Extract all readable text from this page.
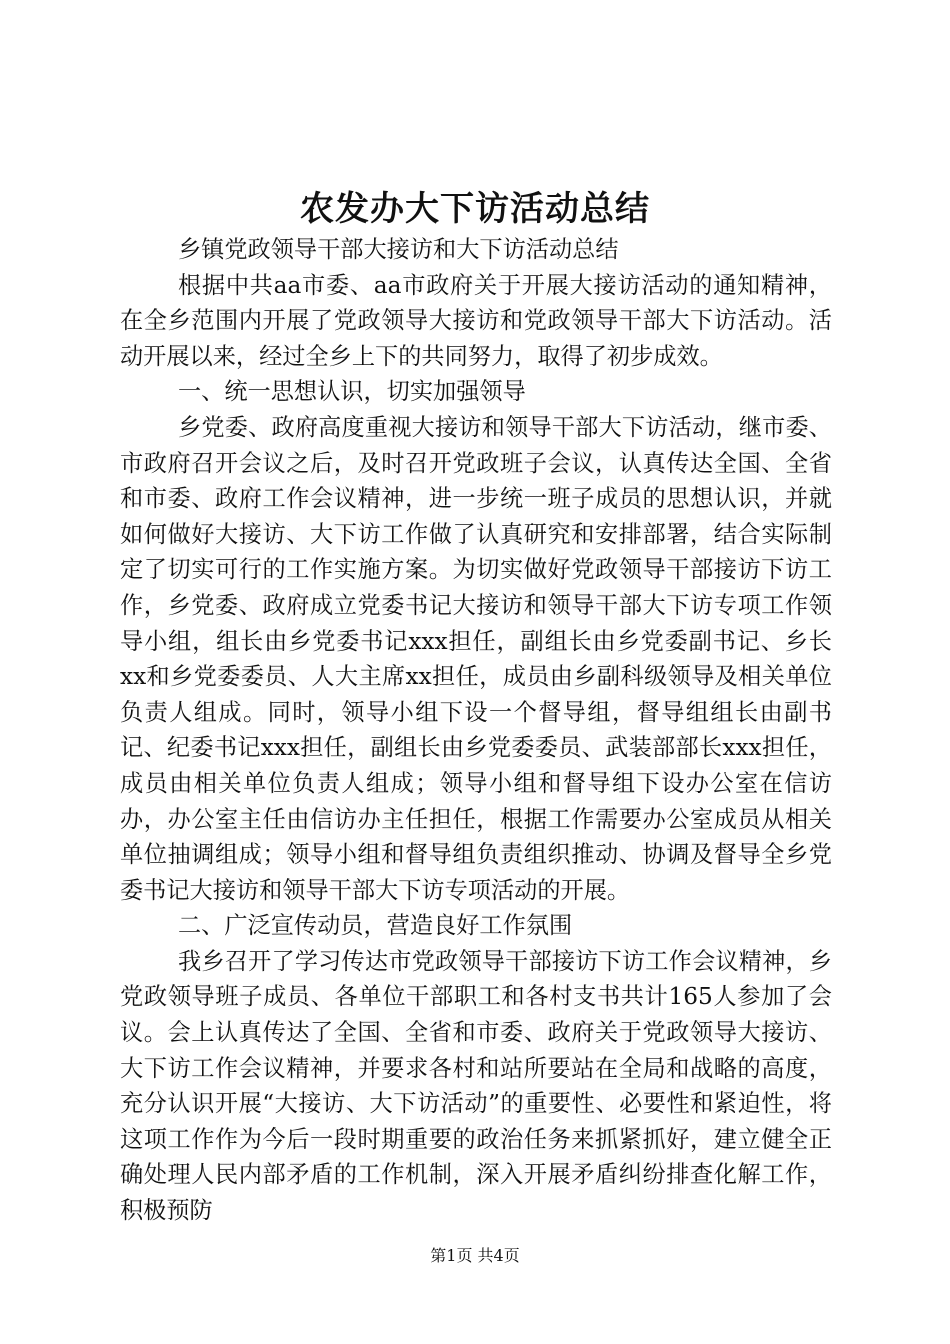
农发办大下访活动总结

乡镇党政领导干部大接访和大下访活动总结

根据中共aa市委、aa市政府关于开展大接访活动的通知精神，在全乡范围内开展了党政领导大接访和党政领导干部大下访活动。活动开展以来，经过全乡上下的共同努力，取得了初步成效。

一、统一思想认识，切实加强领导

乡党委、政府高度重视大接访和领导干部大下访活动，继市委、市政府召开会议之后，及时召开党政班子会议，认真传达全国、全省和市委、政府工作会议精神，进一步统一班子成员的思想认识，并就如何做好大接访、大下访工作做了认真研究和安排部署，结合实际制定了切实可行的工作实施方案。为切实做好党政领导干部接访下访工作，乡党委、政府成立党委书记大接访和领导干部大下访专项工作领导小组，组长由乡党委书记xxx担任，副组长由乡党委副书记、乡长xx和乡党委委员、人大主席xx担任，成员由乡副科级领导及相关单位负责人组成。同时，领导小组下设一个督导组，督导组组长由副书记、纪委书记xxx担任，副组长由乡党委委员、武装部部长xxx担任，成员由相关单位负责人组成；领导小组和督导组下设办公室在信访办，办公室主任由信访办主任担任，根据工作需要办公室成员从相关单位抽调组成；领导小组和督导组负责组织推动、协调及督导全乡党委书记大接访和领导干部大下访专项活动的开展。

二、广泛宣传动员，营造良好工作氛围

我乡召开了学习传达市党政领导干部接访下访工作会议精神，乡党政领导班子成员、各单位干部职工和各村支书共计165人参加了会议。会上认真传达了全国、全省和市委、政府关于党政领导大接访、大下访工作会议精神，并要求各村和站所要站在全局和战略的高度，充分认识开展“大接访、大下访活动”的重要性、必要性和紧迫性，将这项工作作为今后一段时期重要的政治任务来抓紧抓好，建立健全正确处理人民内部矛盾的工作机制，深入开展矛盾纠纷排查化解工作，积极预防

第1页 共4页
